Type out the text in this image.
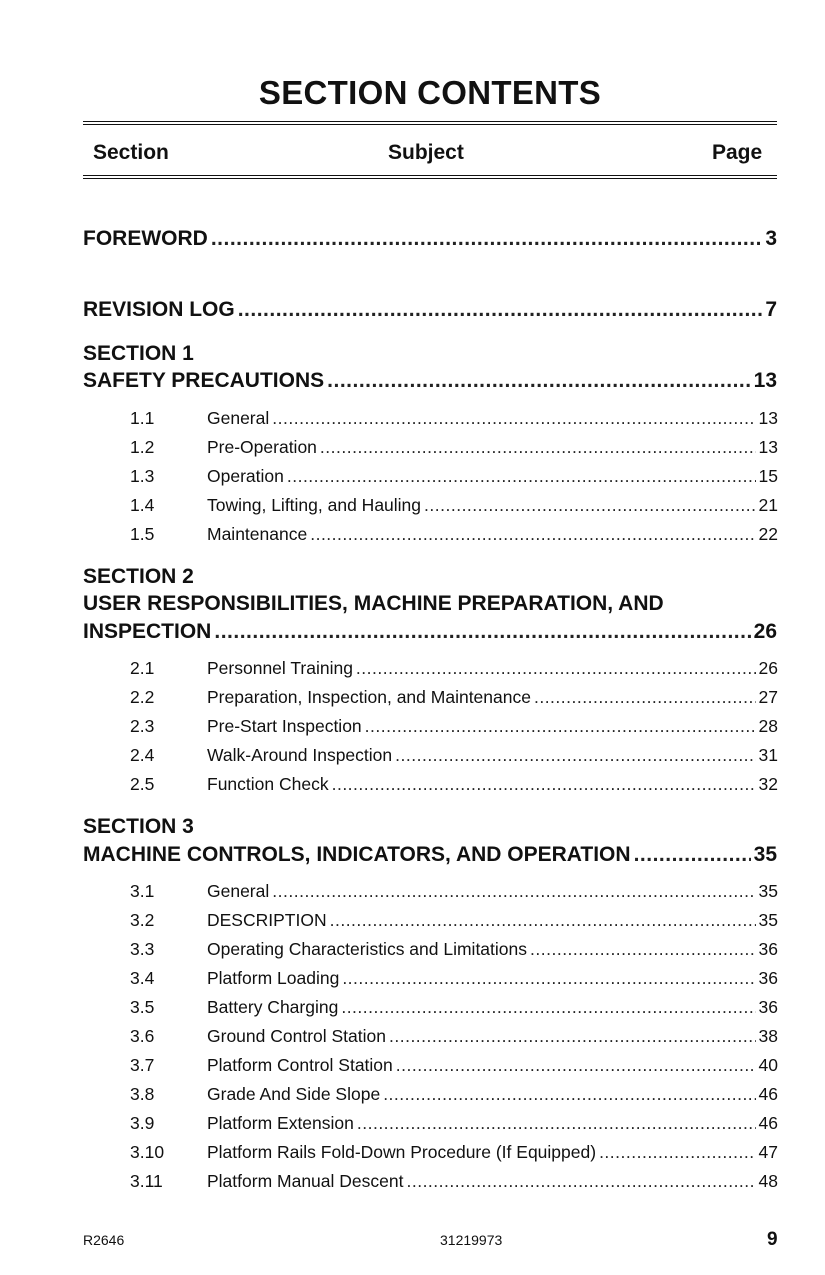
SECTION CONTENTS
Section	Subject	Page
FOREWORD .....	3
REVISION LOG .....	7
SECTION 1
SAFETY PRECAUTIONS .....	13
1.1	General .....	13
1.2	Pre-Operation .....	13
1.3	Operation .....	15
1.4	Towing, Lifting, and Hauling .....	21
1.5	Maintenance .....	22
SECTION 2
USER RESPONSIBILITIES, MACHINE PREPARATION, AND
INSPECTION .....	26
2.1	Personnel Training .....	26
2.2	Preparation, Inspection, and Maintenance .....	27
2.3	Pre-Start Inspection .....	28
2.4	Walk-Around Inspection .....	31
2.5	Function Check .....	32
SECTION 3
MACHINE CONTROLS, INDICATORS, AND OPERATION .....	35
3.1	General .....	35
3.2	DESCRIPTION .....	35
3.3	Operating Characteristics and Limitations .....	36
3.4	Platform Loading .....	36
3.5	Battery Charging .....	36
3.6	Ground Control Station .....	38
3.7	Platform Control Station .....	40
3.8	Grade And Side Slope .....	46
3.9	Platform Extension .....	46
3.10	Platform Rails Fold-Down Procedure (If Equipped) .....	47
3.11	Platform Manual Descent .....	48
R2646	31219973	9
